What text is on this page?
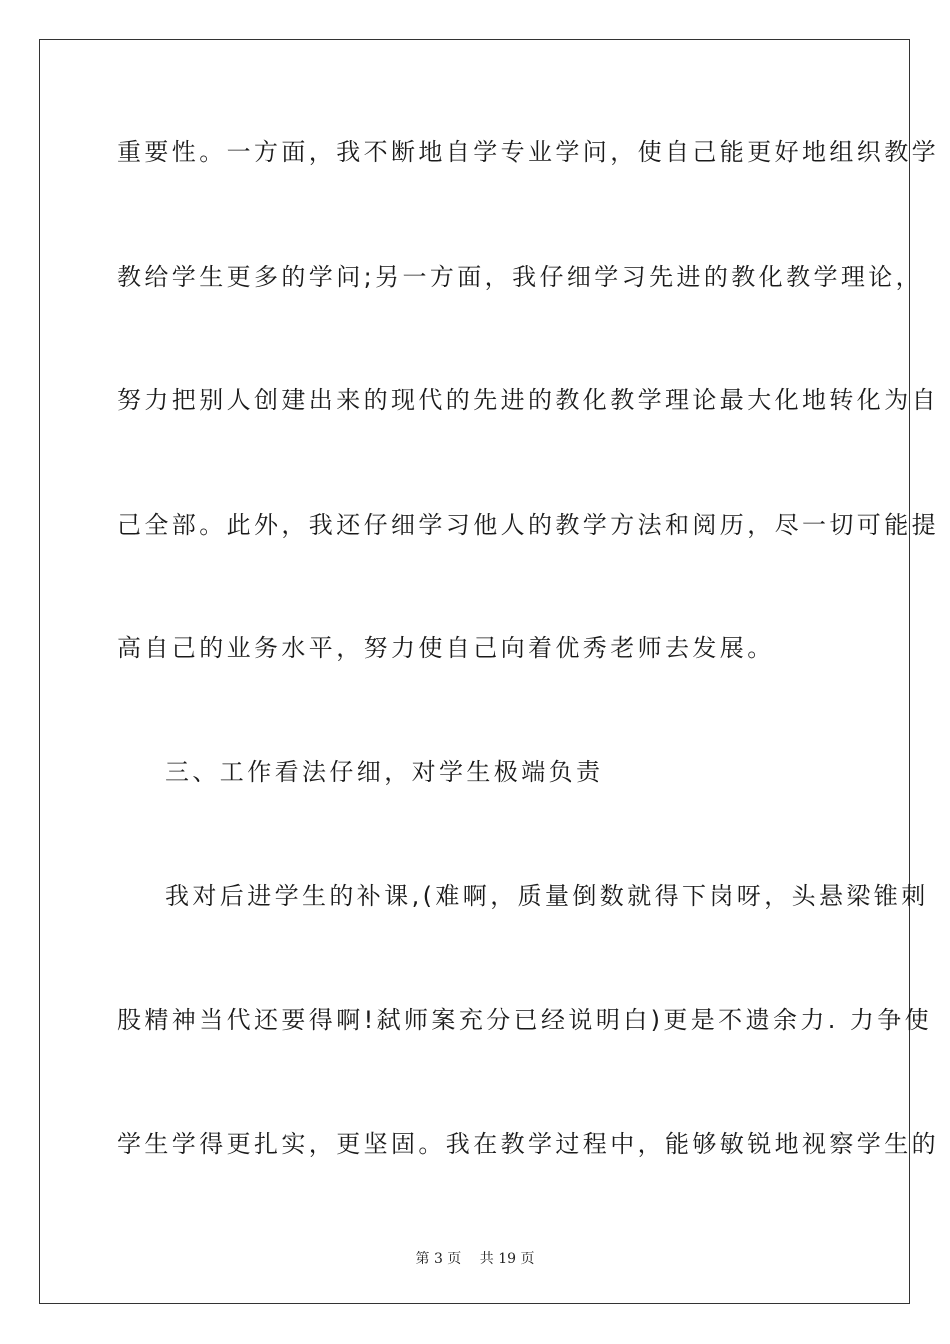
重要性。一方面，我不断地自学专业学问，使自己能更好地组织教学
教给学生更多的学问;另一方面，我仔细学习先进的教化教学理论，
努力把别人创建出来的现代的先进的教化教学理论最大化地转化为自
己全部。此外，我还仔细学习他人的教学方法和阅历，尽一切可能提
高自己的业务水平，努力使自己向着优秀老师去发展。
三、工作看法仔细，对学生极端负责
我对后进学生的补课,(难啊，质量倒数就得下岗呀，头悬梁锥刺
股精神当代还要得啊!弑师案充分已经说明白)更是不遗余力. 力争使
学生学得更扎实，更坚固。我在教学过程中，能够敏锐地视察学生的
第 3 页　 共 19 页
